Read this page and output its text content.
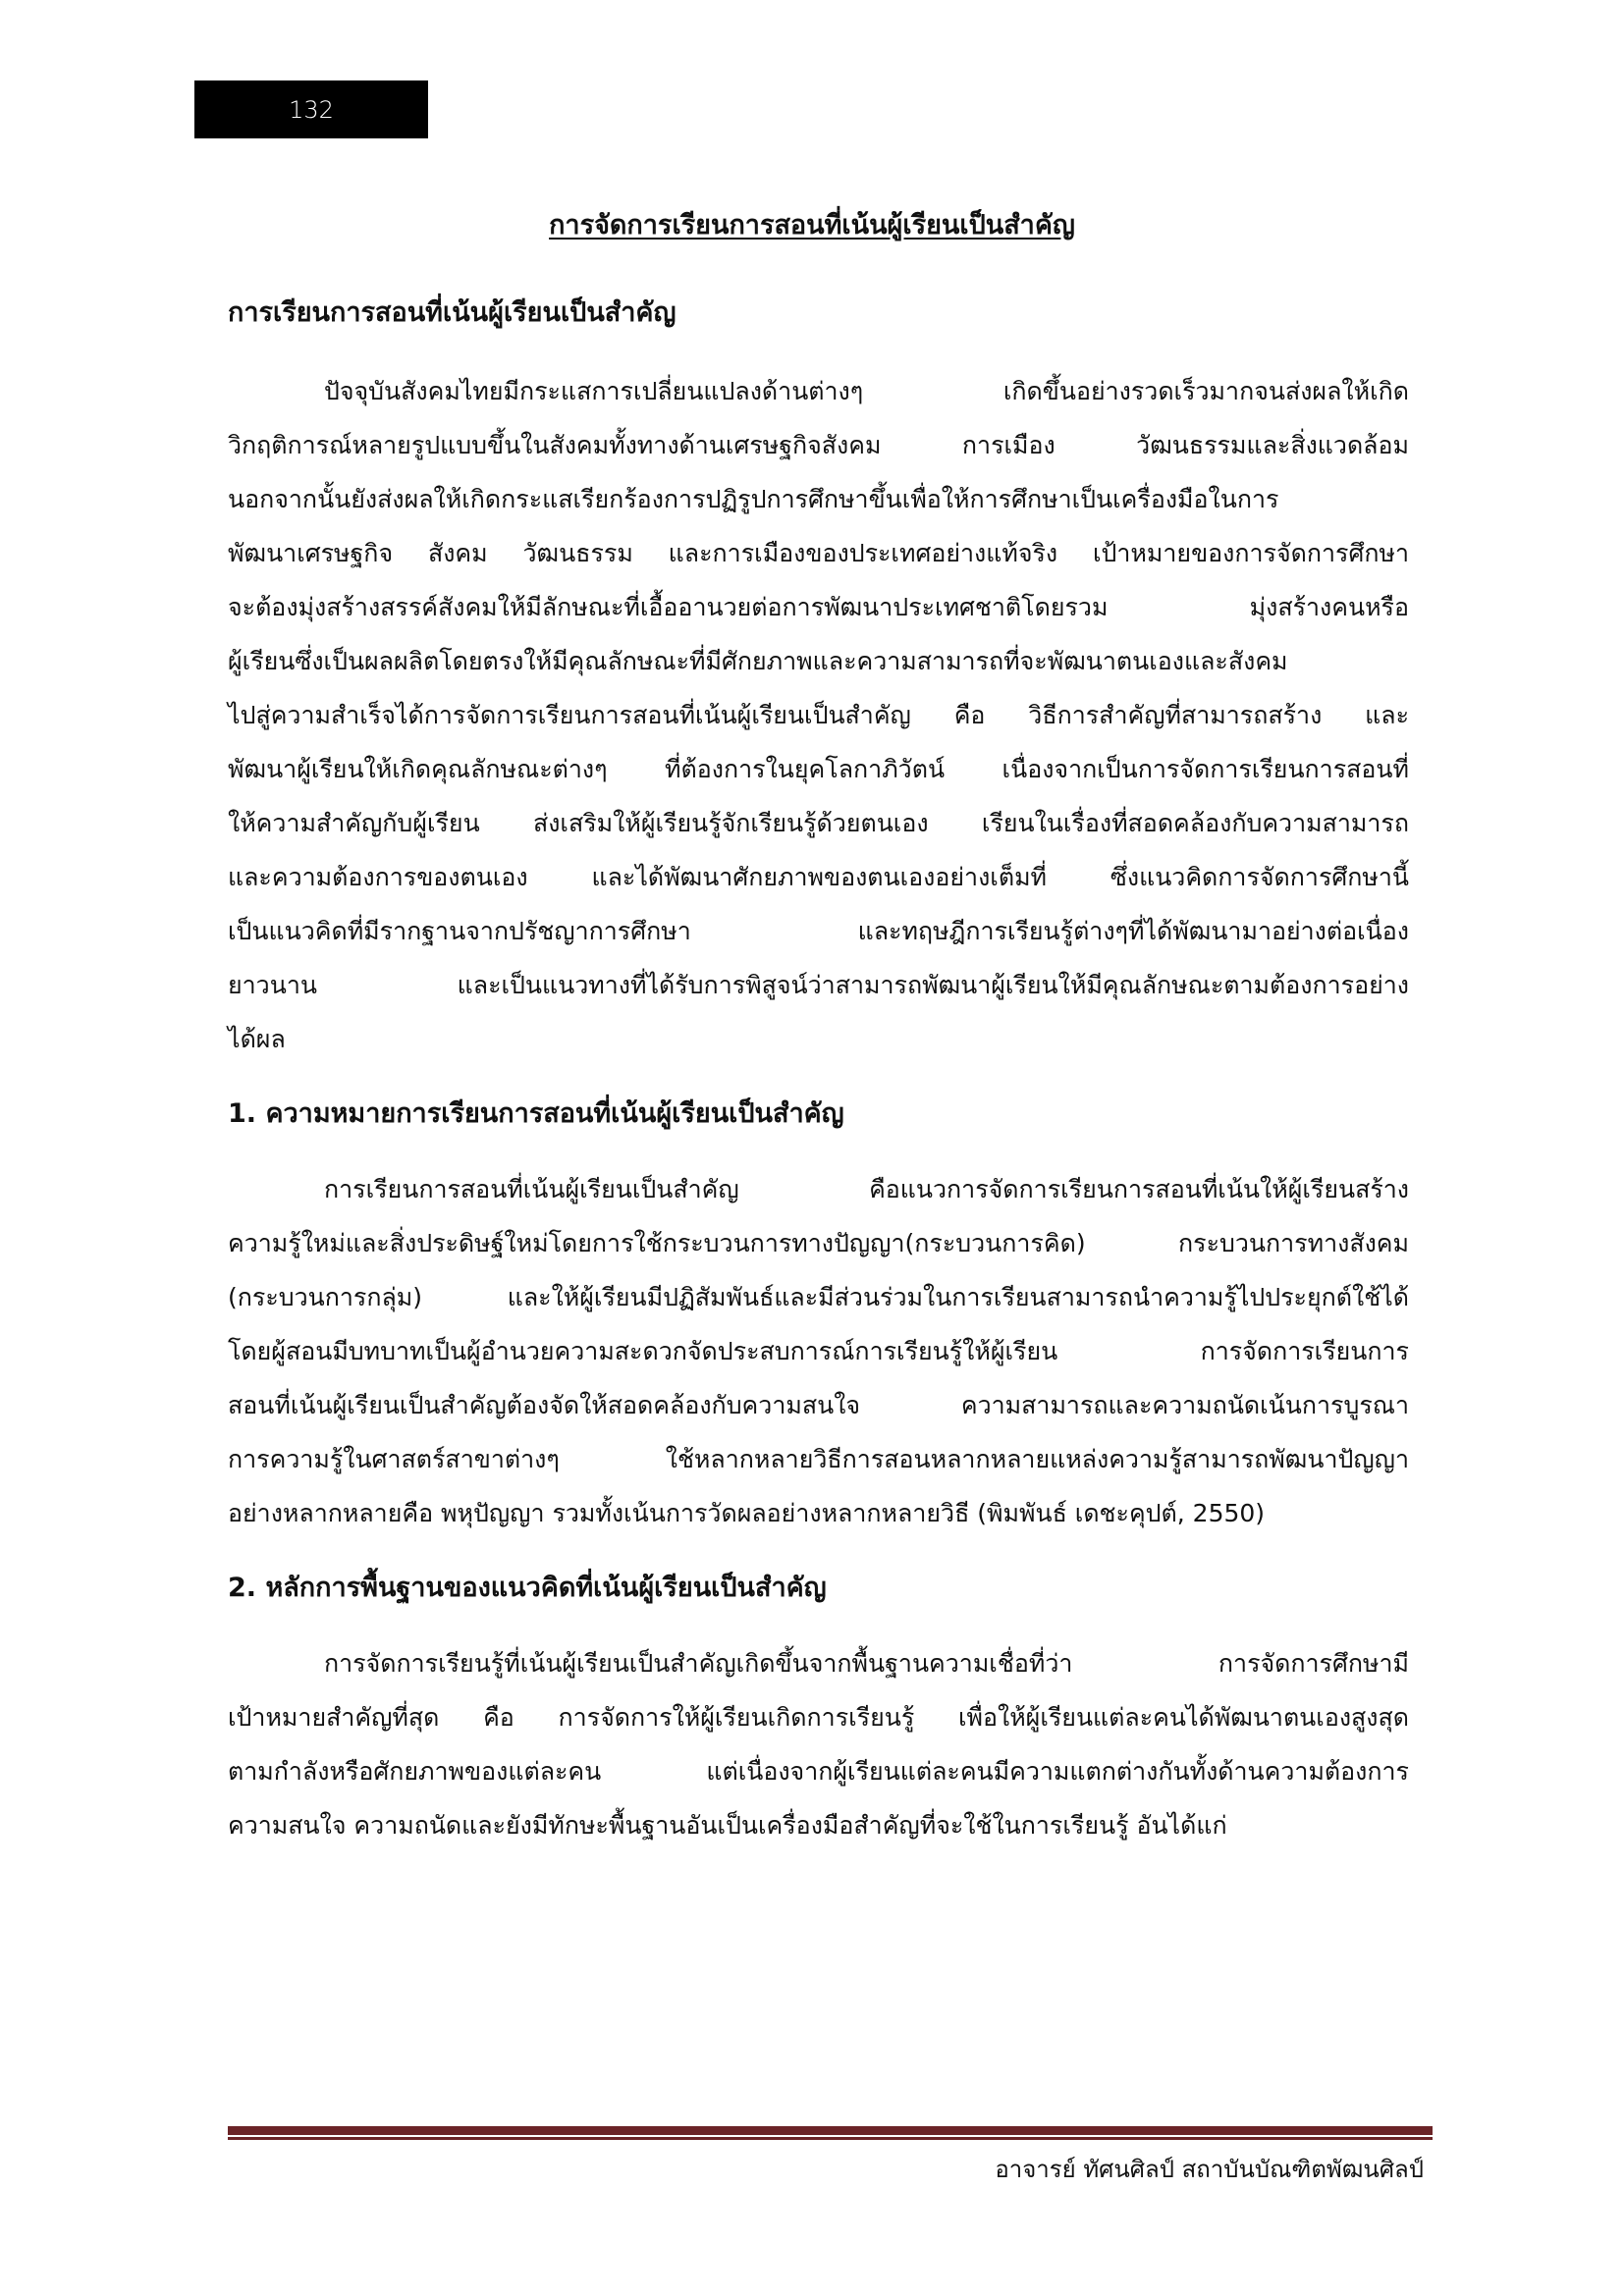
132
การจัดการเรียนการสอนที่เน้นผู้เรียนเป็นสำคัญ
การเรียนการสอนที่เน้นผู้เรียนเป็นสำคัญ
ปัจจุบันสังคมไทยมีกระแสการเปลี่ยนแปลงด้านต่างๆ เกิดขึ้นอย่างรวดเร็วมากจนส่งผลให้เกิด
วิกฤติการณ์หลายรูปแบบขึ้นในสังคมทั้งทางด้านเศรษฐกิจสังคม การเมือง วัฒนธรรมและสิ่งแวดล้อม
นอกจากนั้นยังส่งผลให้เกิดกระแสเรียกร้องการปฏิรูปการศึกษาขึ้นเพื่อให้การศึกษาเป็นเครื่องมือในการ
พัฒนาเศรษฐกิจ สังคม วัฒนธรรม และการเมืองของประเทศอย่างแท้จริง เป้าหมายของการจัดการศึกษา
จะต้องมุ่งสร้างสรรค์สังคมให้มีลักษณะที่เอื้ออานวยต่อการพัฒนาประเทศชาติโดยรวม มุ่งสร้างคนหรือ
ผู้เรียนซึ่งเป็นผลผลิตโดยตรงให้มีคุณลักษณะที่มีศักยภาพและความสามารถที่จะพัฒนาตนเองและสังคม
ไปสู่ความสำเร็จได้การจัดการเรียนการสอนที่เน้นผู้เรียนเป็นสำคัญ คือ วิธีการสำคัญที่สามารถสร้าง และ
พัฒนาผู้เรียนให้เกิดคุณลักษณะต่างๆ ที่ต้องการในยุคโลกาภิวัตน์ เนื่องจากเป็นการจัดการเรียนการสอนที่
ให้ความสำคัญกับผู้เรียน ส่งเสริมให้ผู้เรียนรู้จักเรียนรู้ด้วยตนเอง เรียนในเรื่องที่สอดคล้องกับความสามารถ
และความต้องการของตนเอง และได้พัฒนาศักยภาพของตนเองอย่างเต็มที่ ซึ่งแนวคิดการจัดการศึกษานี้
เป็นแนวคิดที่มีรากฐานจากปรัชญาการศึกษา และทฤษฎีการเรียนรู้ต่างๆที่ได้พัฒนามาอย่างต่อเนื่อง
ยาวนาน และเป็นแนวทางที่ได้รับการพิสูจน์ว่าสามารถพัฒนาผู้เรียนให้มีคุณลักษณะตามต้องการอย่าง
ได้ผล
1. ความหมายการเรียนการสอนที่เน้นผู้เรียนเป็นสำคัญ
การเรียนการสอนที่เน้นผู้เรียนเป็นสำคัญ คือแนวการจัดการเรียนการสอนที่เน้นให้ผู้เรียนสร้าง
ความรู้ใหม่และสิ่งประดิษฐ์ใหม่โดยการใช้กระบวนการทางปัญญา(กระบวนการคิด) กระบวนการทางสังคม
(กระบวนการกลุ่ม) และให้ผู้เรียนมีปฏิสัมพันธ์และมีส่วนร่วมในการเรียนสามารถนำความรู้ไปประยุกต์ใช้ได้
โดยผู้สอนมีบทบาทเป็นผู้อำนวยความสะดวกจัดประสบการณ์การเรียนรู้ให้ผู้เรียน การจัดการเรียนการ
สอนที่เน้นผู้เรียนเป็นสำคัญต้องจัดให้สอดคล้องกับความสนใจ ความสามารถและความถนัดเน้นการบูรณา
การความรู้ในศาสตร์สาขาต่างๆ ใช้หลากหลายวิธีการสอนหลากหลายแหล่งความรู้สามารถพัฒนาปัญญา
อย่างหลากหลายคือ พหุปัญญา รวมทั้งเน้นการวัดผลอย่างหลากหลายวิธี (พิมพันธ์ เดชะคุปต์, 2550)
2. หลักการพื้นฐานของแนวคิดที่เน้นผู้เรียนเป็นสำคัญ
การจัดการเรียนรู้ที่เน้นผู้เรียนเป็นสำคัญเกิดขึ้นจากพื้นฐานความเชื่อที่ว่า การจัดการศึกษามี
เป้าหมายสำคัญที่สุด คือ การจัดการให้ผู้เรียนเกิดการเรียนรู้ เพื่อให้ผู้เรียนแต่ละคนได้พัฒนาตนเองสูงสุด
ตามกำลังหรือศักยภาพของแต่ละคน แต่เนื่องจากผู้เรียนแต่ละคนมีความแตกต่างกันทั้งด้านความต้องการ
ความสนใจ ความถนัดและยังมีทักษะพื้นฐานอันเป็นเครื่องมือสำคัญที่จะใช้ในการเรียนรู้ อันได้แก่
อาจารย์ ทัศนศิลป์ สถาบันบัณฑิตพัฒนศิลป์
